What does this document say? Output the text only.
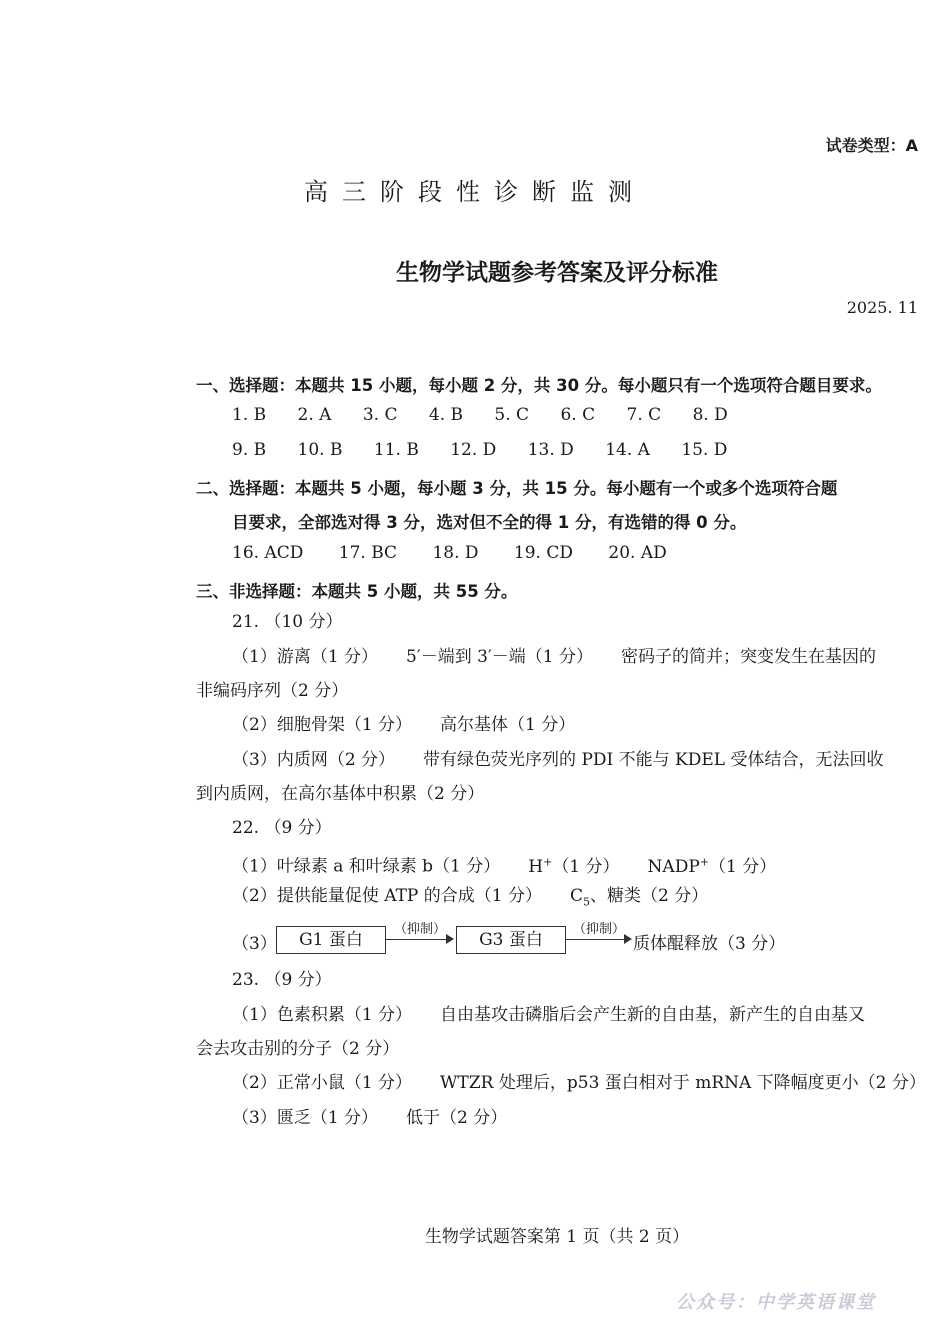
试卷类型：A
高三阶段性诊断监测
生物学试题参考答案及评分标准
2025. 11
一、选择题：本题共 15 小题，每小题 2 分，共 30 分。每小题只有一个选项符合题目要求。
1. B 2. A 3. C 4. B 5. C 6. C 7. C 8. D
9. B 10. B 11. B 12. D 13. D 14. A 15. D
二、选择题：本题共 5 小题，每小题 3 分，共 15 分。每小题有一个或多个选项符合题
目要求，全部选对得 3 分，选对但不全的得 1 分，有选错的得 0 分。
16. ACD 17. BC 18. D 19. CD 20. AD
三、非选择题：本题共 5 小题，共 55 分。
21. （10 分）
（1）游离（1 分） 5′－端到 3′－端（1 分） 密码子的简并；突变发生在基因的
非编码序列（2 分）
（2）细胞骨架（1 分） 高尔基体（1 分）
（3）内质网（2 分） 带有绿色荧光序列的 PDI 不能与 KDEL 受体结合，无法回收
到内质网，在高尔基体中积累（2 分）
22. （9 分）
（1）叶绿素 a 和叶绿素 b（1 分） H+（1 分） NADP+（1 分）
（2）提供能量促使 ATP 的合成（1 分） $C_5$、糖类（2 分）
（3）	G1 蛋白
（抑制）
G3 蛋白
（抑制）
质体醌释放（3 分）
23. （9 分）
（1）色素积累（1 分） 自由基攻击磷脂后会产生新的自由基，新产生的自由基又
会去攻击别的分子（2 分）
（2）正常小鼠（1 分） WTZR 处理后，p53 蛋白相对于 mRNA 下降幅度更小（2 分）
（3）匮乏（1 分） 低于（2 分）
生物学试题答案第 1 页（共 2 页）
公众号：中学英语课堂
